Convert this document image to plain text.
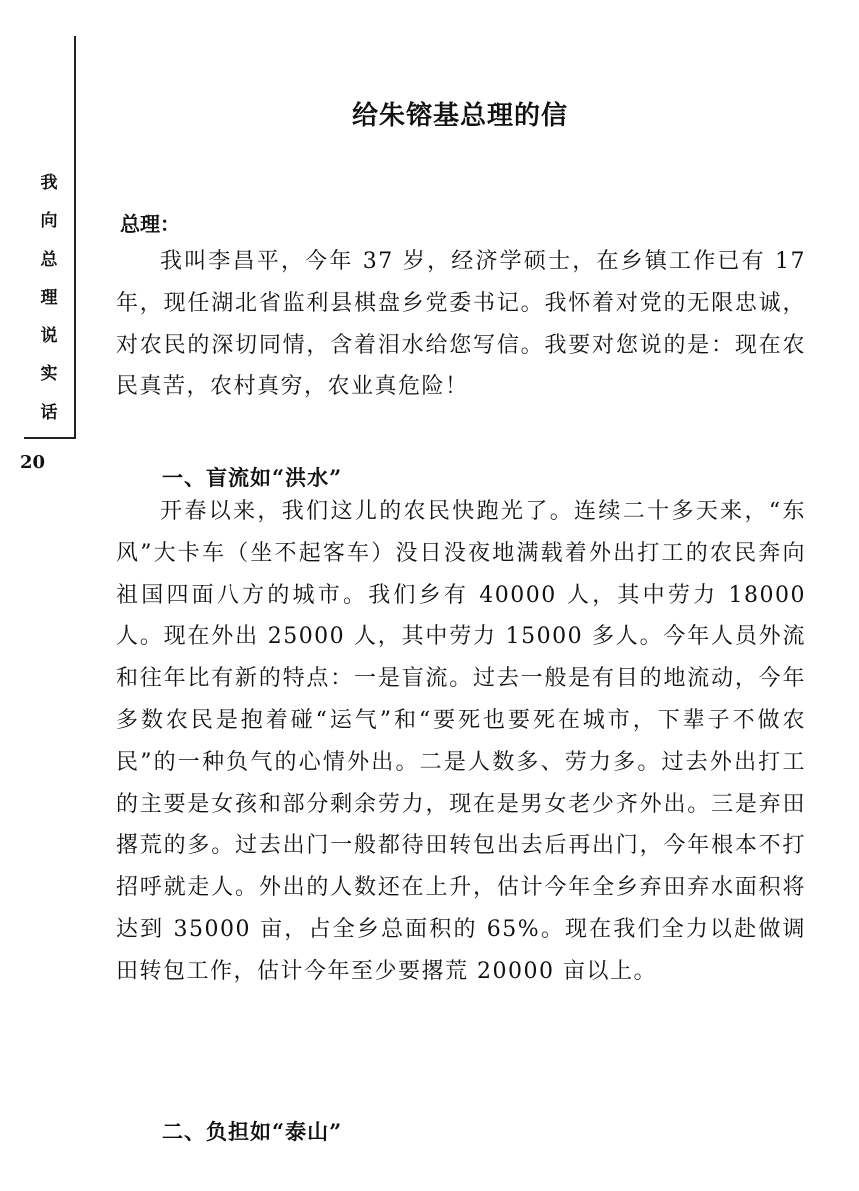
我
向
总
理
说
实
话
20
给朱镕基总理的信
总理：

我叫李昌平，今年 37 岁，经济学硕士，在乡镇工作已有 17 年，现任湖北省监利县棋盘乡党委书记。我怀着对党的无限忠诚，对农民的深切同情，含着泪水给您写信。我要对您说的是：现在农民真苦，农村真穷，农业真危险！

一、盲流如“洪水”

开春以来，我们这儿的农民快跑光了。连续二十多天来，“东风”大卡车（坐不起客车）没日没夜地满载着外出打工的农民奔向祖国四面八方的城市。我们乡有 40000 人，其中劳力 18000 人。现在外出 25000 人，其中劳力 15000 多人。今年人员外流和往年比有新的特点：一是盲流。过去一般是有目的地流动，今年多数农民是抱着碰“运气”和“要死也要死在城市，下辈子不做农民”的一种负气的心情外出。二是人数多、劳力多。过去外出打工的主要是女孩和部分剩余劳力，现在是男女老少齐外出。三是弃田撂荒的多。过去出门一般都待田转包出去后再出门，今年根本不打招呼就走人。外出的人数还在上升，估计今年全乡弃田弃水面积将达到 35000 亩，占全乡总面积的 65%。现在我们全力以赴做调田转包工作，估计今年至少要撂荒 20000 亩以上。

二、负担如“泰山”
